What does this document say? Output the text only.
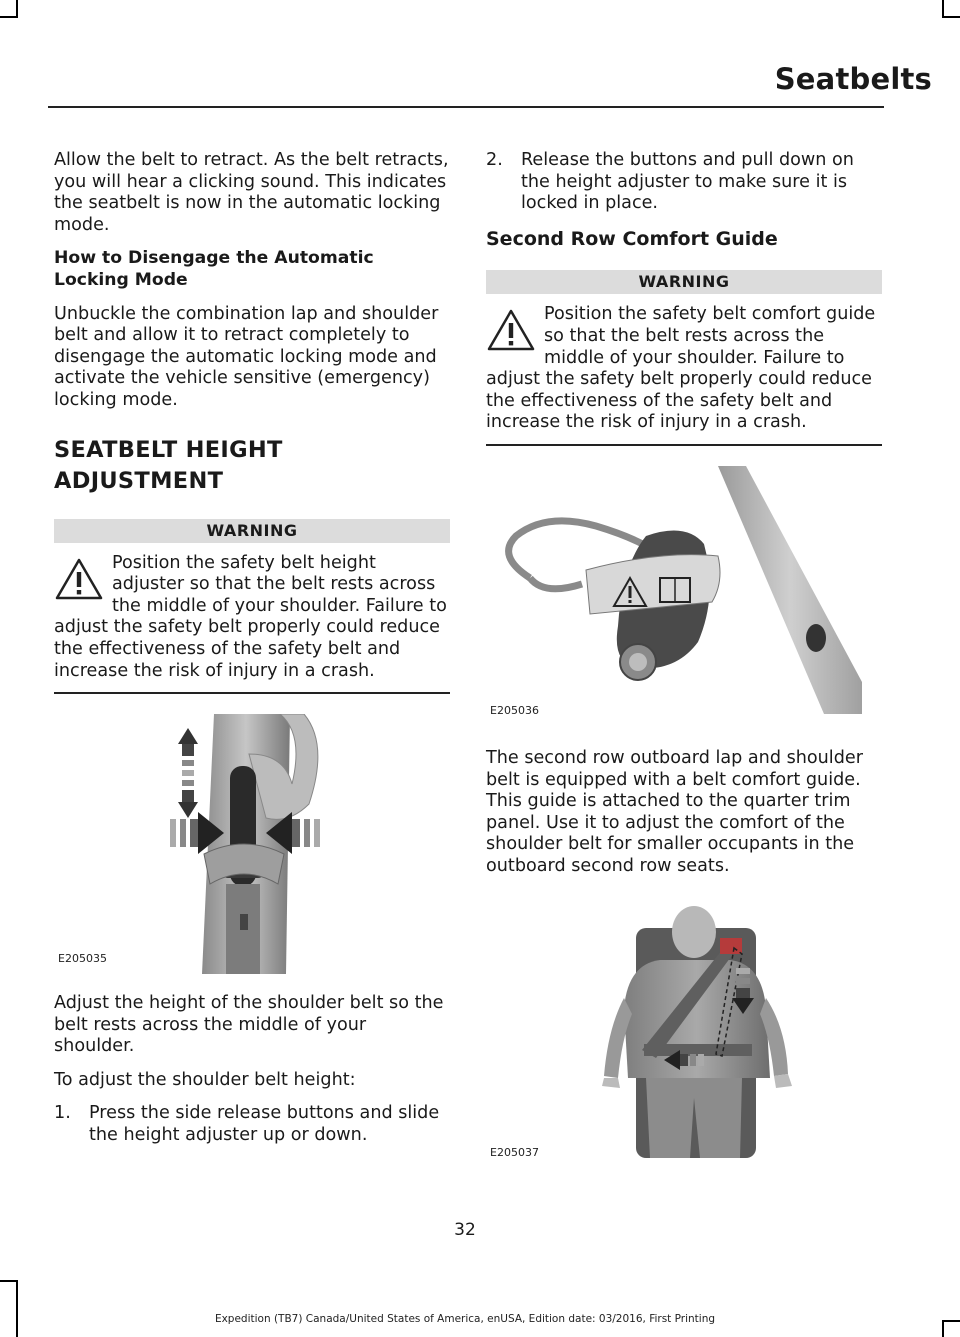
Seatbelts

Allow the belt to retract. As the belt retracts, you will hear a clicking sound. This indicates the seatbelt is now in the automatic locking mode.

How to Disengage the Automatic Locking Mode

Unbuckle the combination lap and shoulder belt and allow it to retract completely to disengage the automatic locking mode and activate the vehicle sensitive (emergency) locking mode.

SEATBELT HEIGHT
ADJUSTMENT
WARNING
Position the safety belt height adjuster so that the belt rests across the middle of your shoulder. Failure to adjust the safety belt properly could reduce the effectiveness of the safety belt and increase the risk of injury in a crash.
E205035

Adjust the height of the shoulder belt so the belt rests across the middle of your shoulder.

To adjust the shoulder belt height:

1. Press the side release buttons and slide the height adjuster up or down.

2. Release the buttons and pull down on the height adjuster to make sure it is locked in place.

Second Row Comfort Guide
WARNING
Position the safety belt comfort guide so that the belt rests across the middle of your shoulder. Failure to adjust the safety belt properly could reduce the effectiveness of the safety belt and increase the risk of injury in a crash.
E205036

The second row outboard lap and shoulder belt is equipped with a belt comfort guide. This guide is attached to the quarter trim panel. Use it to adjust the comfort of the shoulder belt for smaller occupants in the outboard second row seats.

E205037
32
Expedition (TB7) Canada/United States of America, enUSA, Edition date: 03/2016, First Printing
